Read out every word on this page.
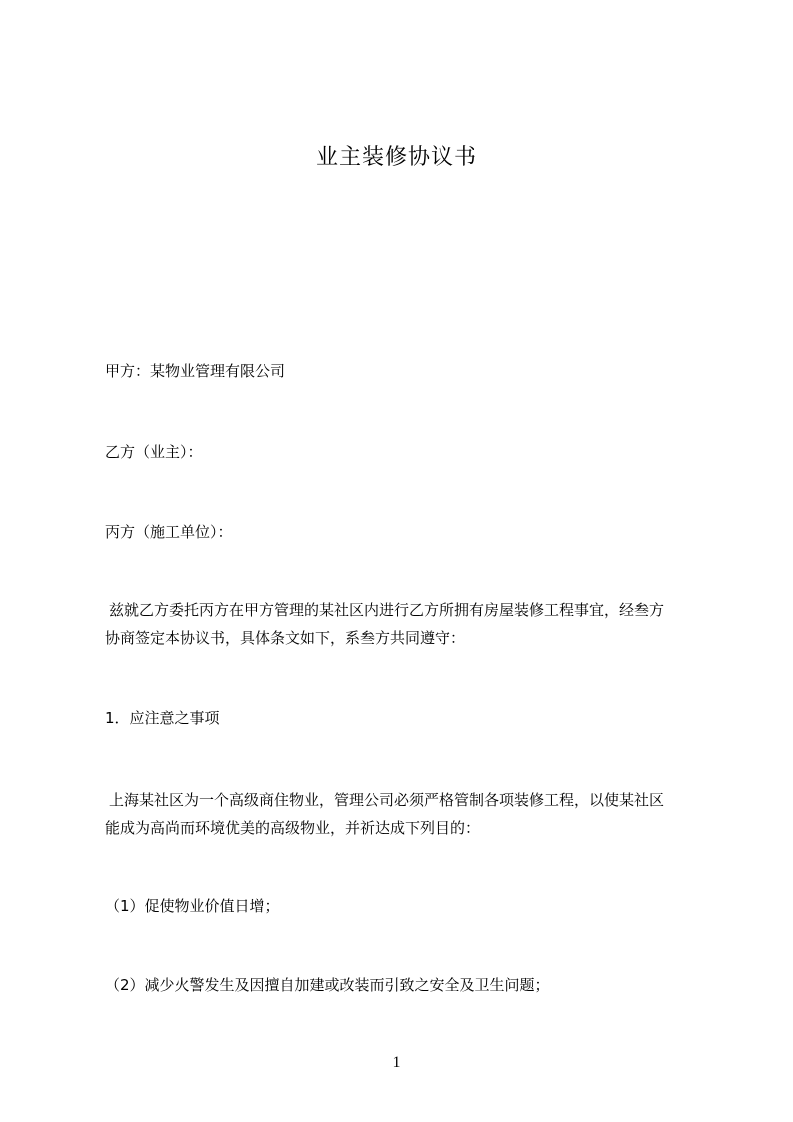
业主装修协议书
甲方：某物业管理有限公司
乙方（业主）：
丙方（施工单位）：
兹就乙方委托丙方在甲方管理的某社区内进行乙方所拥有房屋装修工程事宜，经叁方
协商签定本协议书，具体条文如下，系叁方共同遵守：
1．应注意之事项
上海某社区为一个高级商住物业，管理公司必须严格管制各项装修工程，以使某社区
能成为高尚而环境优美的高级物业，并祈达成下列目的：
（1）促使物业价值日增；
（2）减少火警发生及因擅自加建或改装而引致之安全及卫生问题；
1
